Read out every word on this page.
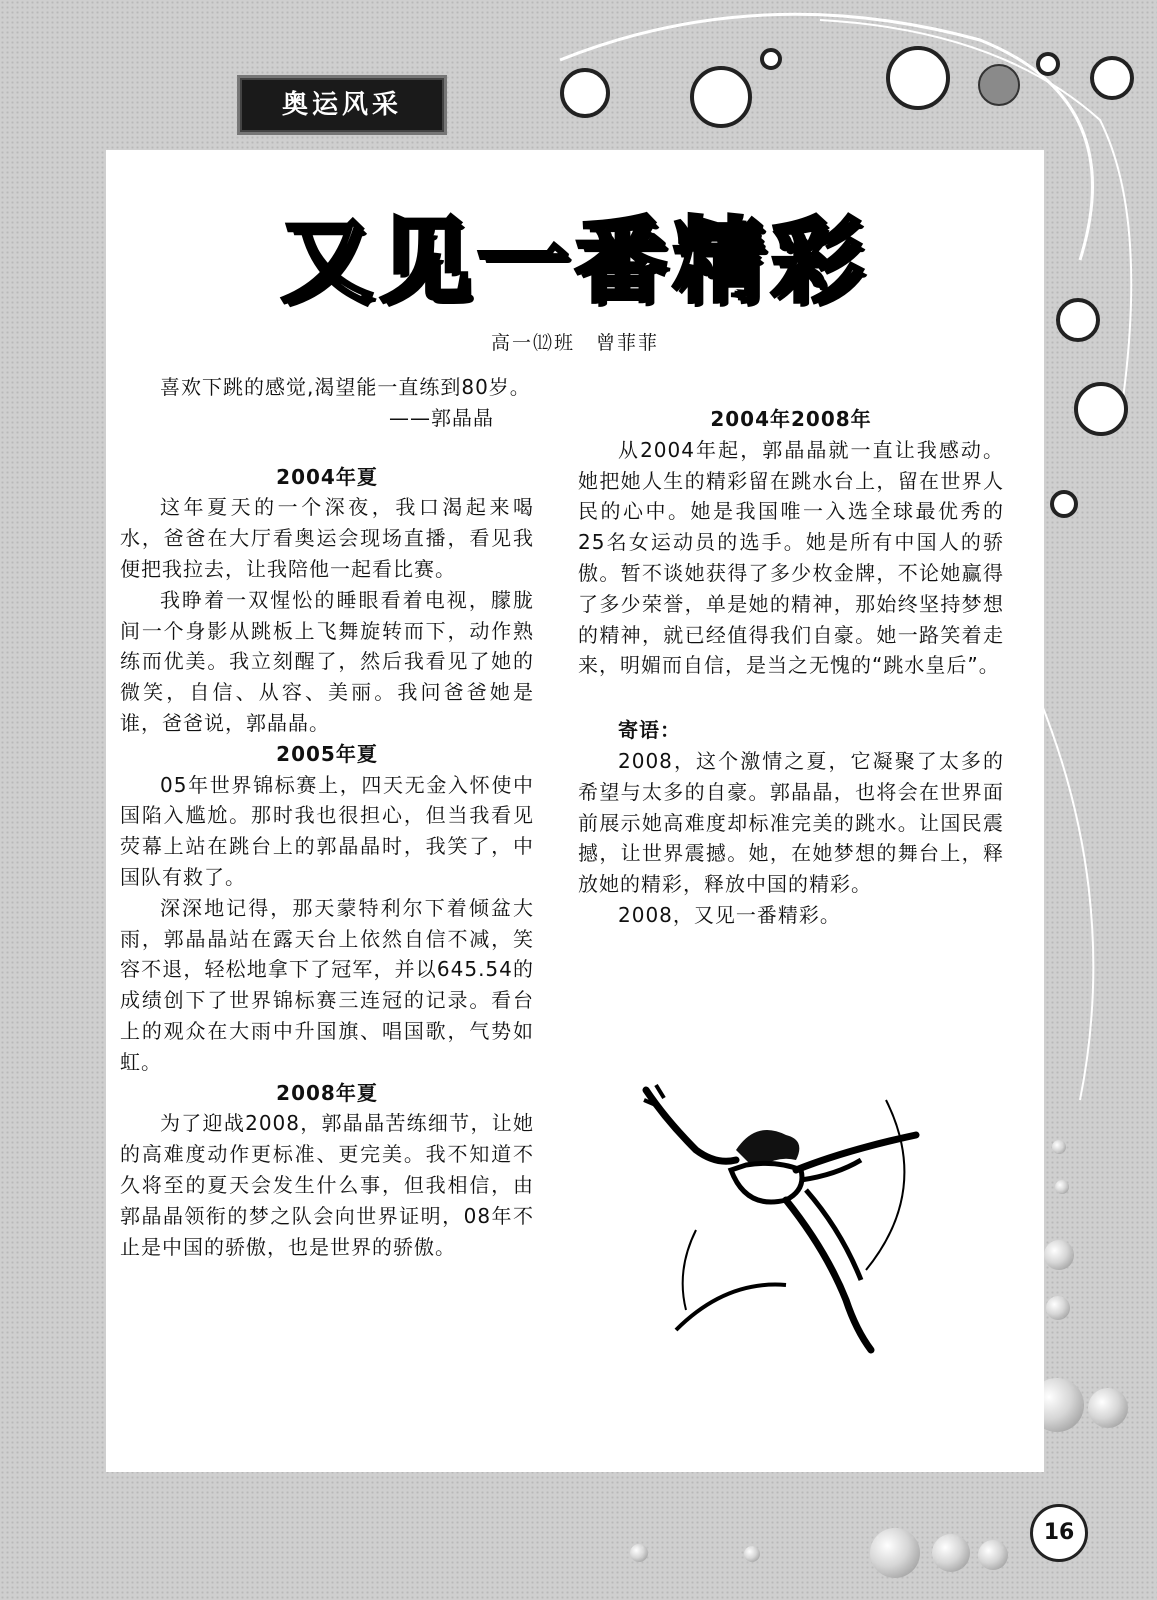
奥运风采
又见一番精彩
高一⑿班　曾菲菲

喜欢下跳的感觉,渴望能一直练到80岁。

——郭晶晶
2004年夏

这年夏天的一个深夜，我口渴起来喝水，爸爸在大厅看奥运会现场直播，看见我便把我拉去，让我陪他一起看比赛。

我睁着一双惺忪的睡眼看着电视，朦胧间一个身影从跳板上飞舞旋转而下，动作熟练而优美。我立刻醒了，然后我看见了她的微笑，自信、从容、美丽。我问爸爸她是谁，爸爸说，郭晶晶。

2005年夏

05年世界锦标赛上，四天无金入怀使中国陷入尴尬。那时我也很担心，但当我看见荧幕上站在跳台上的郭晶晶时，我笑了，中国队有救了。

深深地记得，那天蒙特利尔下着倾盆大雨，郭晶晶站在露天台上依然自信不减，笑容不退，轻松地拿下了冠军，并以645.54的成绩创下了世界锦标赛三连冠的记录。看台上的观众在大雨中升国旗、唱国歌，气势如虹。

2008年夏

为了迎战2008，郭晶晶苦练细节，让她的高难度动作更标准、更完美。我不知道不久将至的夏天会发生什么事，但我相信，由郭晶晶领衔的梦之队会向世界证明，08年不止是中国的骄傲，也是世界的骄傲。

2004年2008年

从2004年起，郭晶晶就一直让我感动。她把她人生的精彩留在跳水台上，留在世界人民的心中。她是我国唯一入选全球最优秀的25名女运动员的选手。她是所有中国人的骄傲。暂不谈她获得了多少枚金牌，不论她赢得了多少荣誉，单是她的精神，那始终坚持梦想的精神，就已经值得我们自豪。她一路笑着走来，明媚而自信，是当之无愧的“跳水皇后”。

寄语：

2008，这个激情之夏，它凝聚了太多的希望与太多的自豪。郭晶晶，也将会在世界面前展示她高难度却标准完美的跳水。让国民震撼，让世界震撼。她，在她梦想的舞台上，释放她的精彩，释放中国的精彩。

2008，又见一番精彩。

16
